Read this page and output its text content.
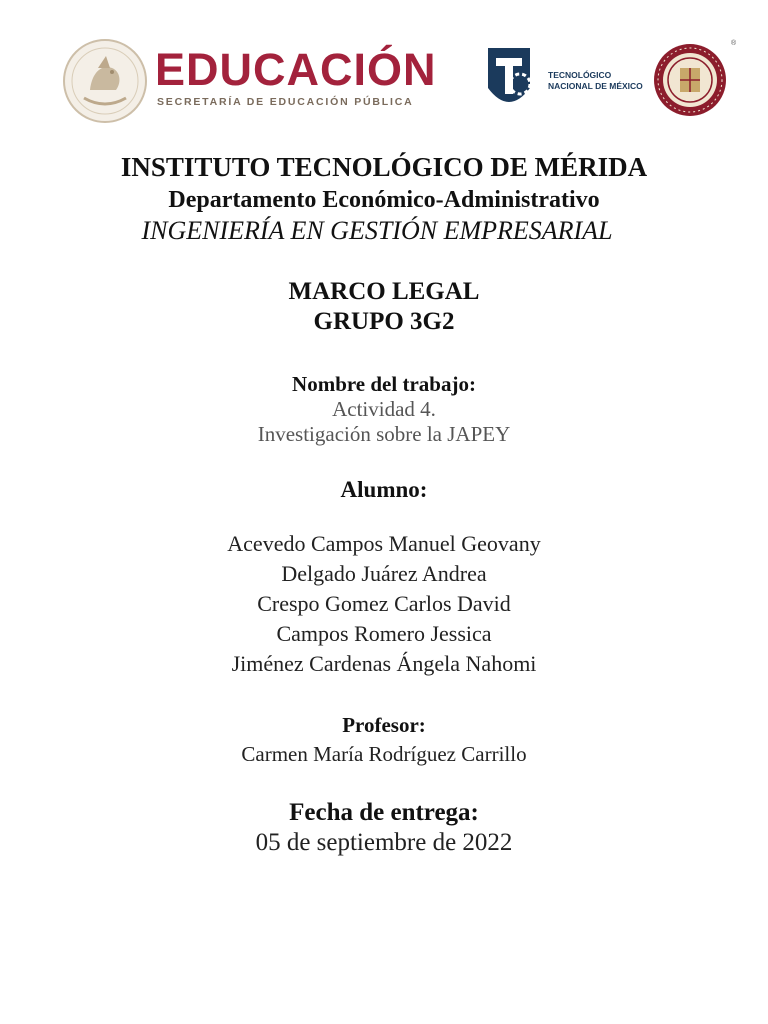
EDUCACIÓN
SECRETARÍA DE EDUCACIÓN PÚBLICA
TECNOLÓGICO
NACIONAL DE MÉXICO
®
INSTITUTO TECNOLÓGICO DE MÉRIDA
Departamento Económico-Administrativo
INGENIERÍA EN GESTIÓN EMPRESARIAL
MARCO LEGAL
GRUPO 3G2
Nombre del trabajo:
Actividad 4.
Investigación sobre la JAPEY
Alumno:
Acevedo Campos Manuel Geovany
Delgado Juárez Andrea
Crespo Gomez Carlos David
Campos Romero Jessica
Jiménez Cardenas Ángela Nahomi
Profesor:
Carmen María Rodríguez Carrillo
Fecha de entrega:
05 de septiembre de 2022
